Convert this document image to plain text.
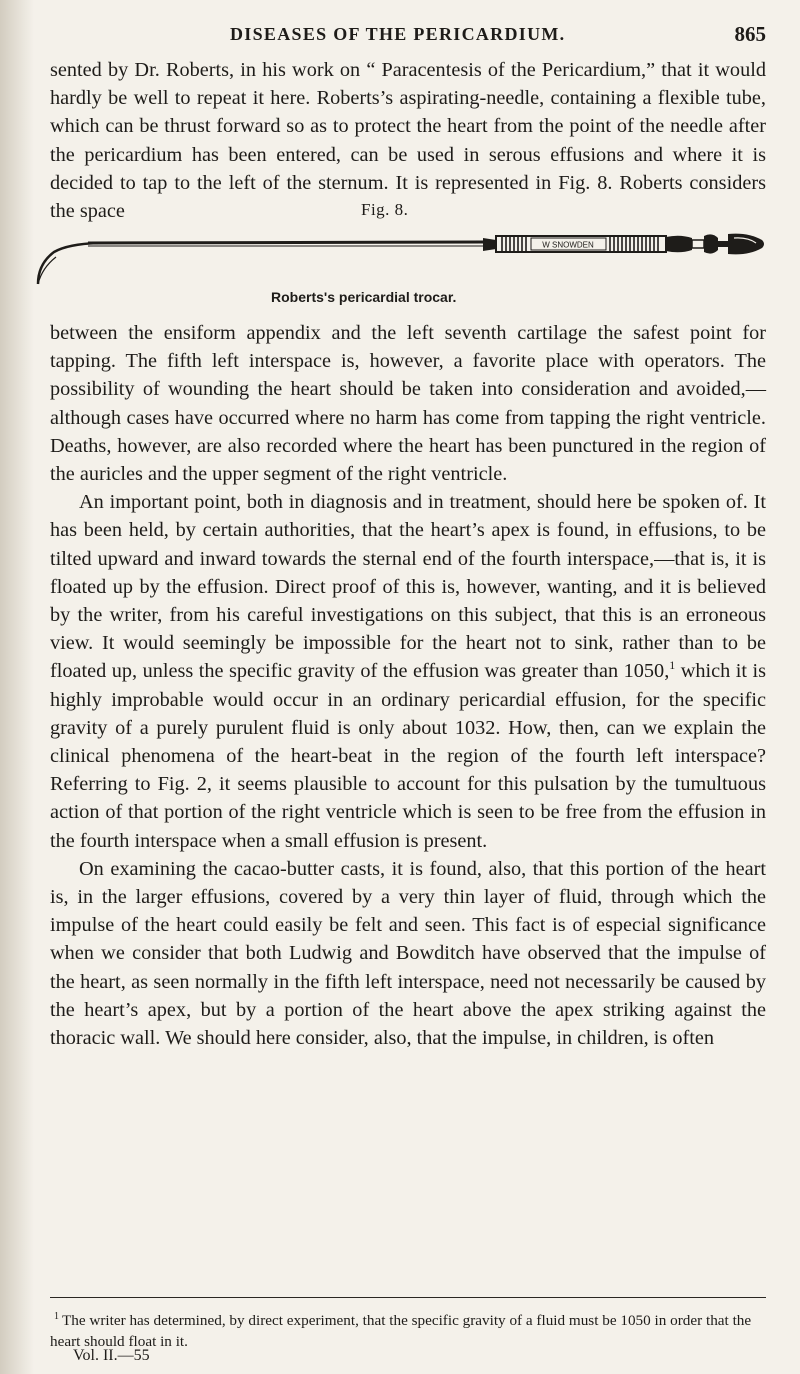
DISEASES OF THE PERICARDIUM.	865

sented by Dr. Roberts, in his work on “ Paracentesis of the Pericardium,” that it would hardly be well to repeat it here. Roberts’s aspirating-needle, containing a flexible tube, which can be thrust forward so as to protect the heart from the point of the needle after the pericardium has been entered, can be used in serous effusions and where it is decided to tap to the left of the sternum. It is represented in Fig. 8. Roberts considers the space	Fig. 8.
W SNOWDEN
Roberts's pericardial trocar.

between the ensiform appendix and the left seventh cartilage the safest point for tapping. The fifth left interspace is, however, a favorite place with operators. The possibility of wounding the heart should be taken into consideration and avoided,—although cases have occurred where no harm has come from tapping the right ventricle. Deaths, however, are also recorded where the heart has been punctured in the region of the auricles and the upper segment of the right ventricle.

An important point, both in diagnosis and in treatment, should here be spoken of. It has been held, by certain authorities, that the heart’s apex is found, in effusions, to be tilted upward and inward towards the sternal end of the fourth interspace,—that is, it is floated up by the effusion. Direct proof of this is, however, wanting, and it is believed by the writer, from his careful investigations on this subject, that this is an erroneous view. It would seemingly be impossible for the heart not to sink, rather than to be floated up, unless the specific gravity of the effusion was greater than 1050,$^1$ which it is highly improbable would occur in an ordinary pericardial effusion, for the specific gravity of a purely purulent fluid is only about 1032. How, then, can we explain the clinical phenomena of the heart-beat in the region of the fourth left interspace? Referring to Fig. 2, it seems plausible to account for this pulsation by the tumultuous action of that portion of the right ventricle which is seen to be free from the effusion in the fourth interspace when a small effusion is present.

On examining the cacao-butter casts, it is found, also, that this portion of the heart is, in the larger effusions, covered by a very thin layer of fluid, through which the impulse of the heart could easily be felt and seen. This fact is of especial significance when we consider that both Ludwig and Bowditch have observed that the impulse of the heart, as seen normally in the fifth left interspace, need not necessarily be caused by the heart’s apex, but by a portion of the heart above the apex striking against the thoracic wall. We should here consider, also, that the impulse, in children, is often

$^1$ The writer has determined, by direct experiment, that the specific gravity of a fluid must be 1050 in order that the heart should float in it.
Vol. II.—55
